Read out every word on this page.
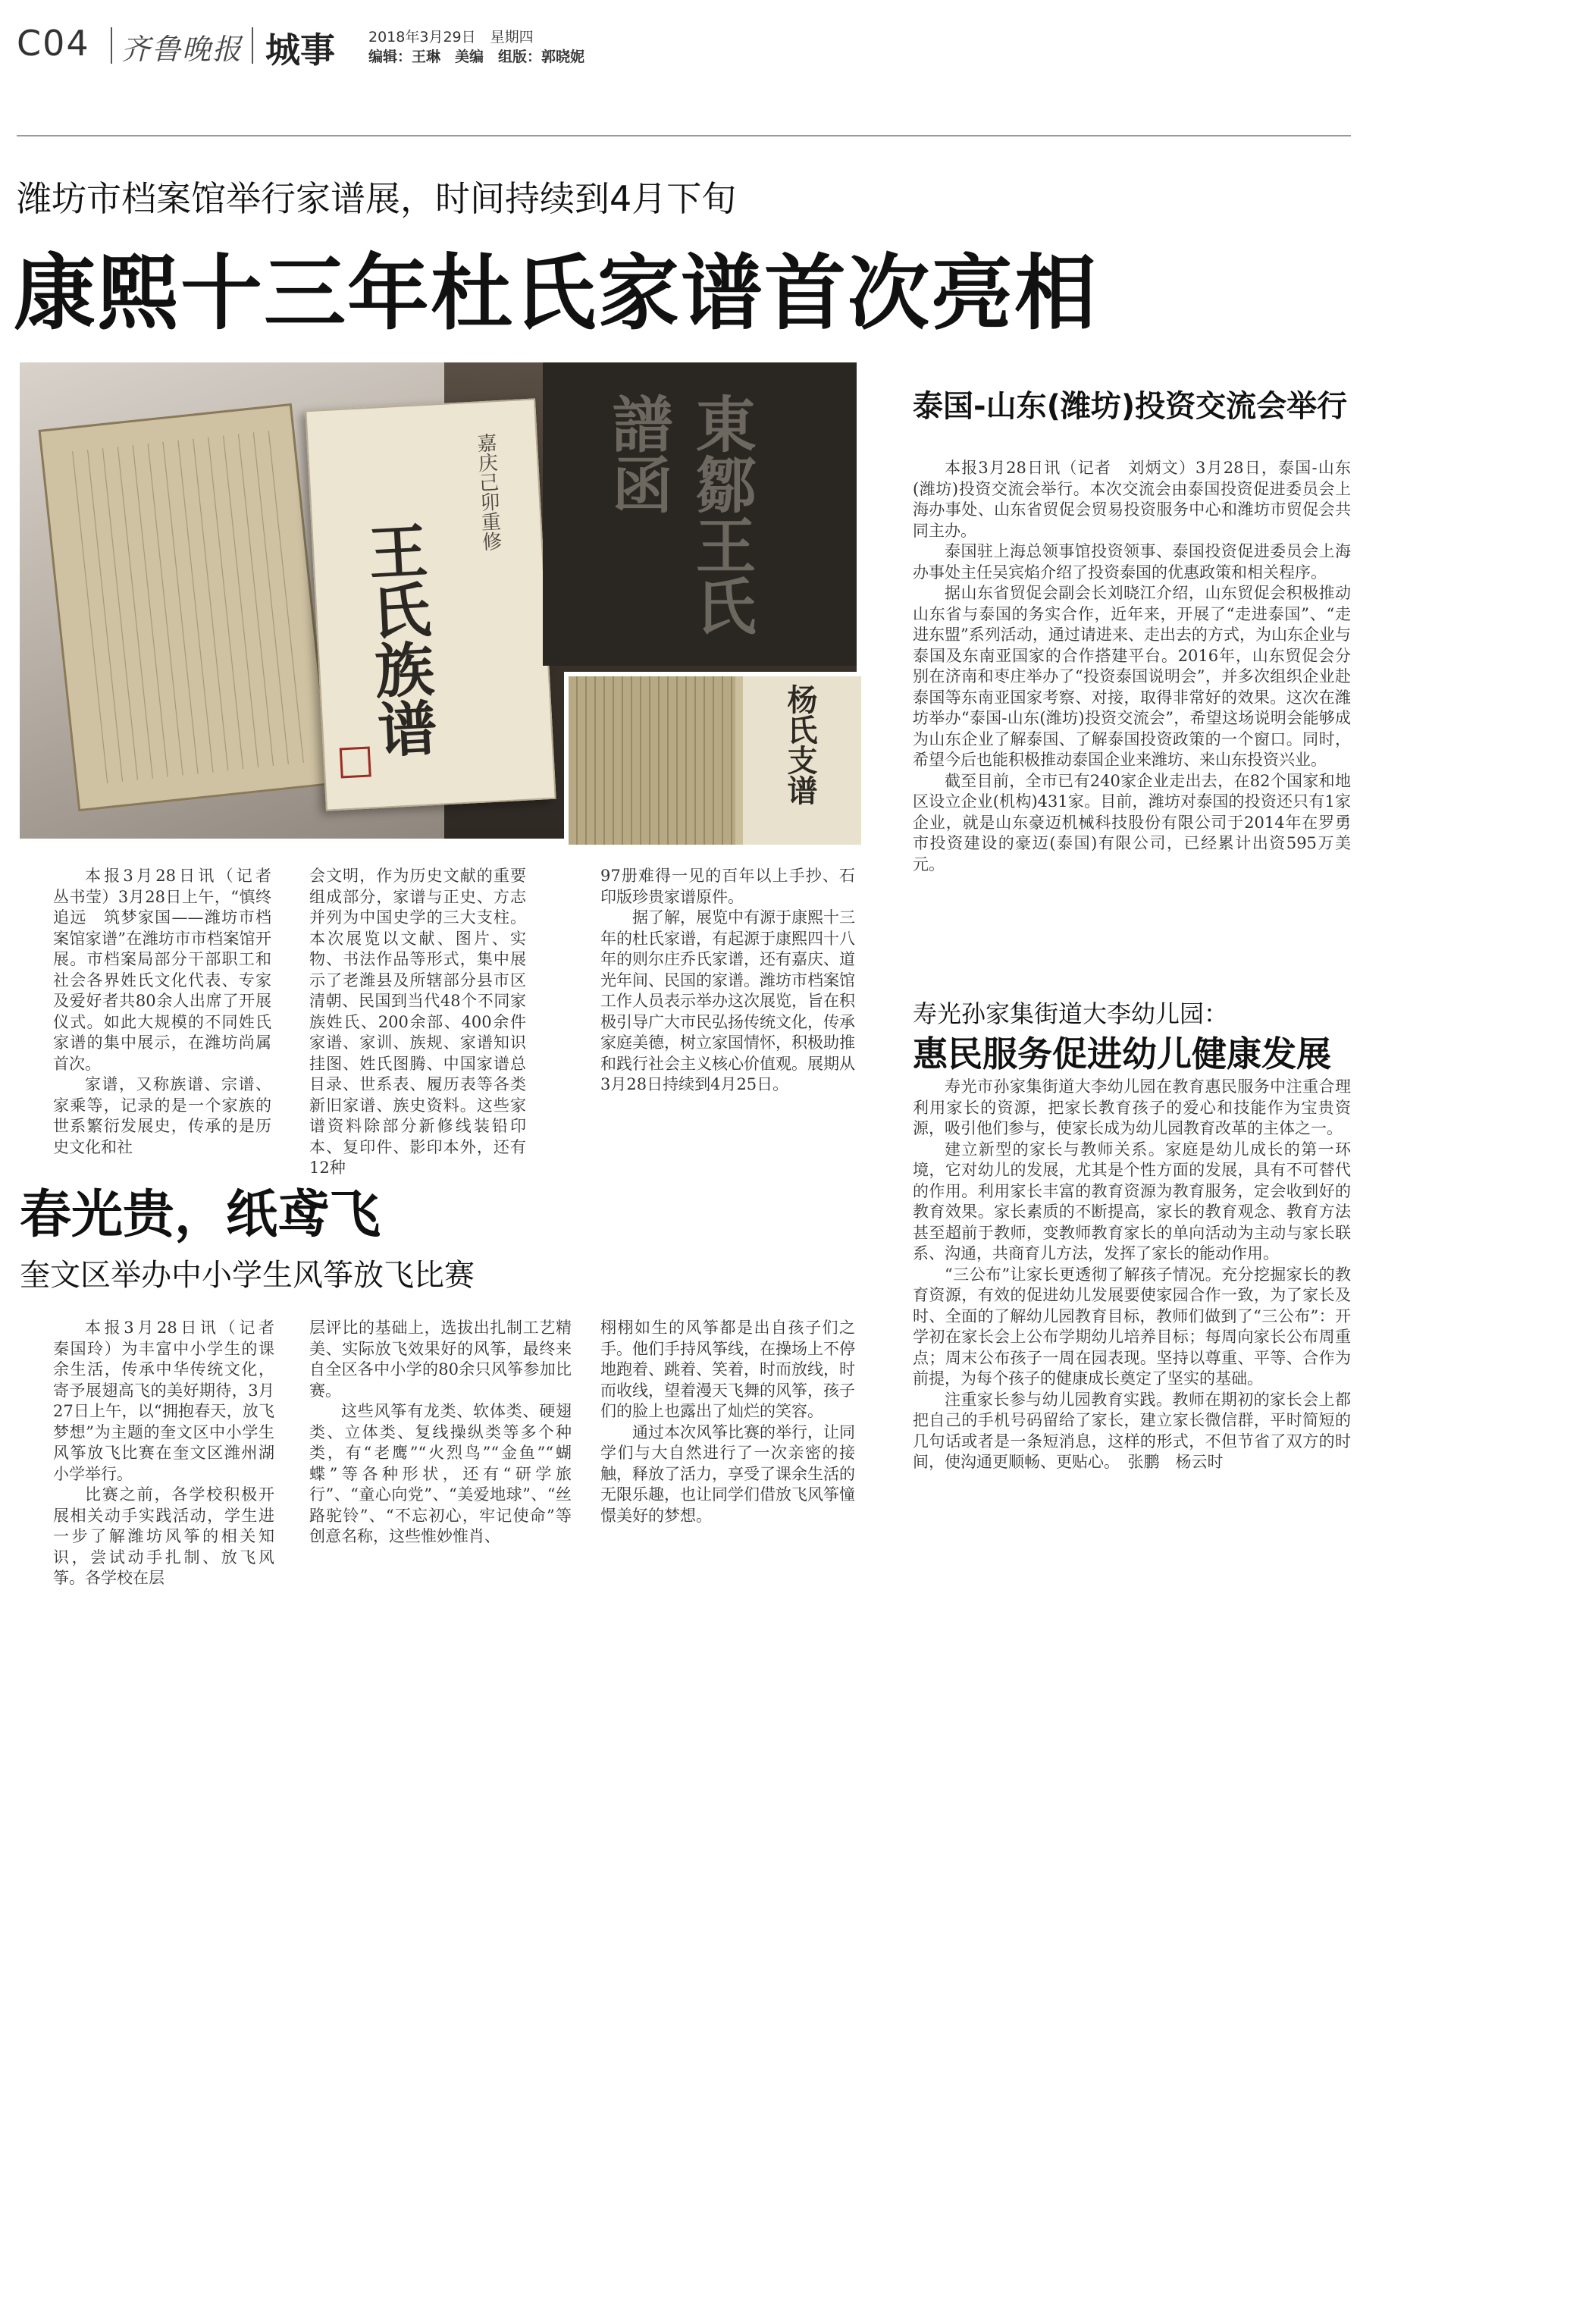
C04 齐鲁晚报 城事 2018年3月29日　星期四
编辑：王琳　美编　组版：郭晓妮
潍坊市档案馆举行家谱展，时间持续到4月下旬
康熙十三年杜氏家谱首次亮相
嘉庆己卯重修
王氏族谱
東鄒王氏譜函
杨氏支谱

本报3月28日讯（记者　丛书莹）3月28日上午，“慎终追远　筑梦家国——潍坊市档案馆家谱”在潍坊市市档案馆开展。市档案局部分干部职工和社会各界姓氏文化代表、专家及爱好者共80余人出席了开展仪式。如此大规模的不同姓氏家谱的集中展示，在潍坊尚属首次。

家谱，又称族谱、宗谱、家乘等，记录的是一个家族的世系繁衍发展史，传承的是历史文化和社

会文明，作为历史文献的重要组成部分，家谱与正史、方志并列为中国史学的三大支柱。本次展览以文献、图片、实物、书法作品等形式，集中展示了老潍县及所辖部分县市区清朝、民国到当代48个不同家族姓氏、200余部、400余件家谱、家训、族规、家谱知识挂图、姓氏图腾、中国家谱总目录、世系表、履历表等各类新旧家谱、族史资料。这些家谱资料除部分新修线装铅印本、复印件、影印本外，还有12种

97册难得一见的百年以上手抄、石印版珍贵家谱原件。

据了解，展览中有源于康熙十三年的杜氏家谱，有起源于康熙四十八年的则尔庄乔氏家谱，还有嘉庆、道光年间、民国的家谱。潍坊市档案馆工作人员表示举办这次展览，旨在积极引导广大市民弘扬传统文化，传承家庭美德，树立家国情怀，积极助推和践行社会主义核心价值观。展期从3月28日持续到4月25日。

春光贵，纸鸢飞
奎文区举办中小学生风筝放飞比赛

本报3月28日讯（记者　秦国玲）为丰富中小学生的课余生活，传承中华传统文化，寄予展翅高飞的美好期待，3月27日上午，以“拥抱春天，放飞梦想”为主题的奎文区中小学生风筝放飞比赛在奎文区潍州湖小学举行。

比赛之前，各学校积极开展相关动手实践活动，学生进一步了解潍坊风筝的相关知识，尝试动手扎制、放飞风筝。各学校在层

层评比的基础上，选拔出扎制工艺精美、实际放飞效果好的风筝，最终来自全区各中小学的80余只风筝参加比赛。

这些风筝有龙类、软体类、硬翅类、立体类、复线操纵类等多个种类，有“老鹰”“火烈鸟”“金鱼”“蝴蝶”等各种形状，还有“研学旅行”、“童心向党”、“美爱地球”、“丝路驼铃”、“不忘初心，牢记使命”等创意名称，这些惟妙惟肖、

栩栩如生的风筝都是出自孩子们之手。他们手持风筝线，在操场上不停地跑着、跳着、笑着，时而放线，时而收线，望着漫天飞舞的风筝，孩子们的脸上也露出了灿烂的笑容。

通过本次风筝比赛的举行，让同学们与大自然进行了一次亲密的接触，释放了活力，享受了课余生活的无限乐趣，也让同学们借放飞风筝憧憬美好的梦想。

泰国-山东(潍坊)投资交流会举行

本报3月28日讯（记者　刘炳文）3月28日，泰国-山东(潍坊)投资交流会举行。本次交流会由泰国投资促进委员会上海办事处、山东省贸促会贸易投资服务中心和潍坊市贸促会共同主办。

泰国驻上海总领事馆投资领事、泰国投资促进委员会上海办事处主任吴宾焰介绍了投资泰国的优惠政策和相关程序。

据山东省贸促会副会长刘晓江介绍，山东贸促会积极推动山东省与泰国的务实合作，近年来，开展了“走进泰国”、“走进东盟”系列活动，通过请进来、走出去的方式，为山东企业与泰国及东南亚国家的合作搭建平台。2016年，山东贸促会分别在济南和枣庄举办了“投资泰国说明会”，并多次组织企业赴泰国等东南亚国家考察、对接，取得非常好的效果。这次在潍坊举办“泰国-山东(潍坊)投资交流会”，希望这场说明会能够成为山东企业了解泰国、了解泰国投资政策的一个窗口。同时，希望今后也能积极推动泰国企业来潍坊、来山东投资兴业。

截至目前，全市已有240家企业走出去，在82个国家和地区设立企业(机构)431家。目前，潍坊对泰国的投资还只有1家企业，就是山东豪迈机械科技股份有限公司于2014年在罗勇市投资建设的豪迈(泰国)有限公司，已经累计出资595万美元。

寿光孙家集街道大李幼儿园：
惠民服务促进幼儿健康发展

寿光市孙家集街道大李幼儿园在教育惠民服务中注重合理利用家长的资源，把家长教育孩子的爱心和技能作为宝贵资源，吸引他们参与，使家长成为幼儿园教育改革的主体之一。

建立新型的家长与教师关系。家庭是幼儿成长的第一环境，它对幼儿的发展，尤其是个性方面的发展，具有不可替代的作用。利用家长丰富的教育资源为教育服务，定会收到好的教育效果。家长素质的不断提高，家长的教育观念、教育方法甚至超前于教师，变教师教育家长的单向活动为主动与家长联系、沟通，共商育儿方法，发挥了家长的能动作用。

“三公布”让家长更透彻了解孩子情况。充分挖掘家长的教育资源，有效的促进幼儿发展要使家园合作一致，为了家长及时、全面的了解幼儿园教育目标，教师们做到了“三公布”：开学初在家长会上公布学期幼儿培养目标；每周向家长公布周重点；周末公布孩子一周在园表现。坚持以尊重、平等、合作为前提，为每个孩子的健康成长奠定了坚实的基础。

注重家长参与幼儿园教育实践。教师在期初的家长会上都把自己的手机号码留给了家长，建立家长微信群，平时简短的几句话或者是一条短消息，这样的形式，不但节省了双方的时间，使沟通更顺畅、更贴心。　张鹏　杨云时
